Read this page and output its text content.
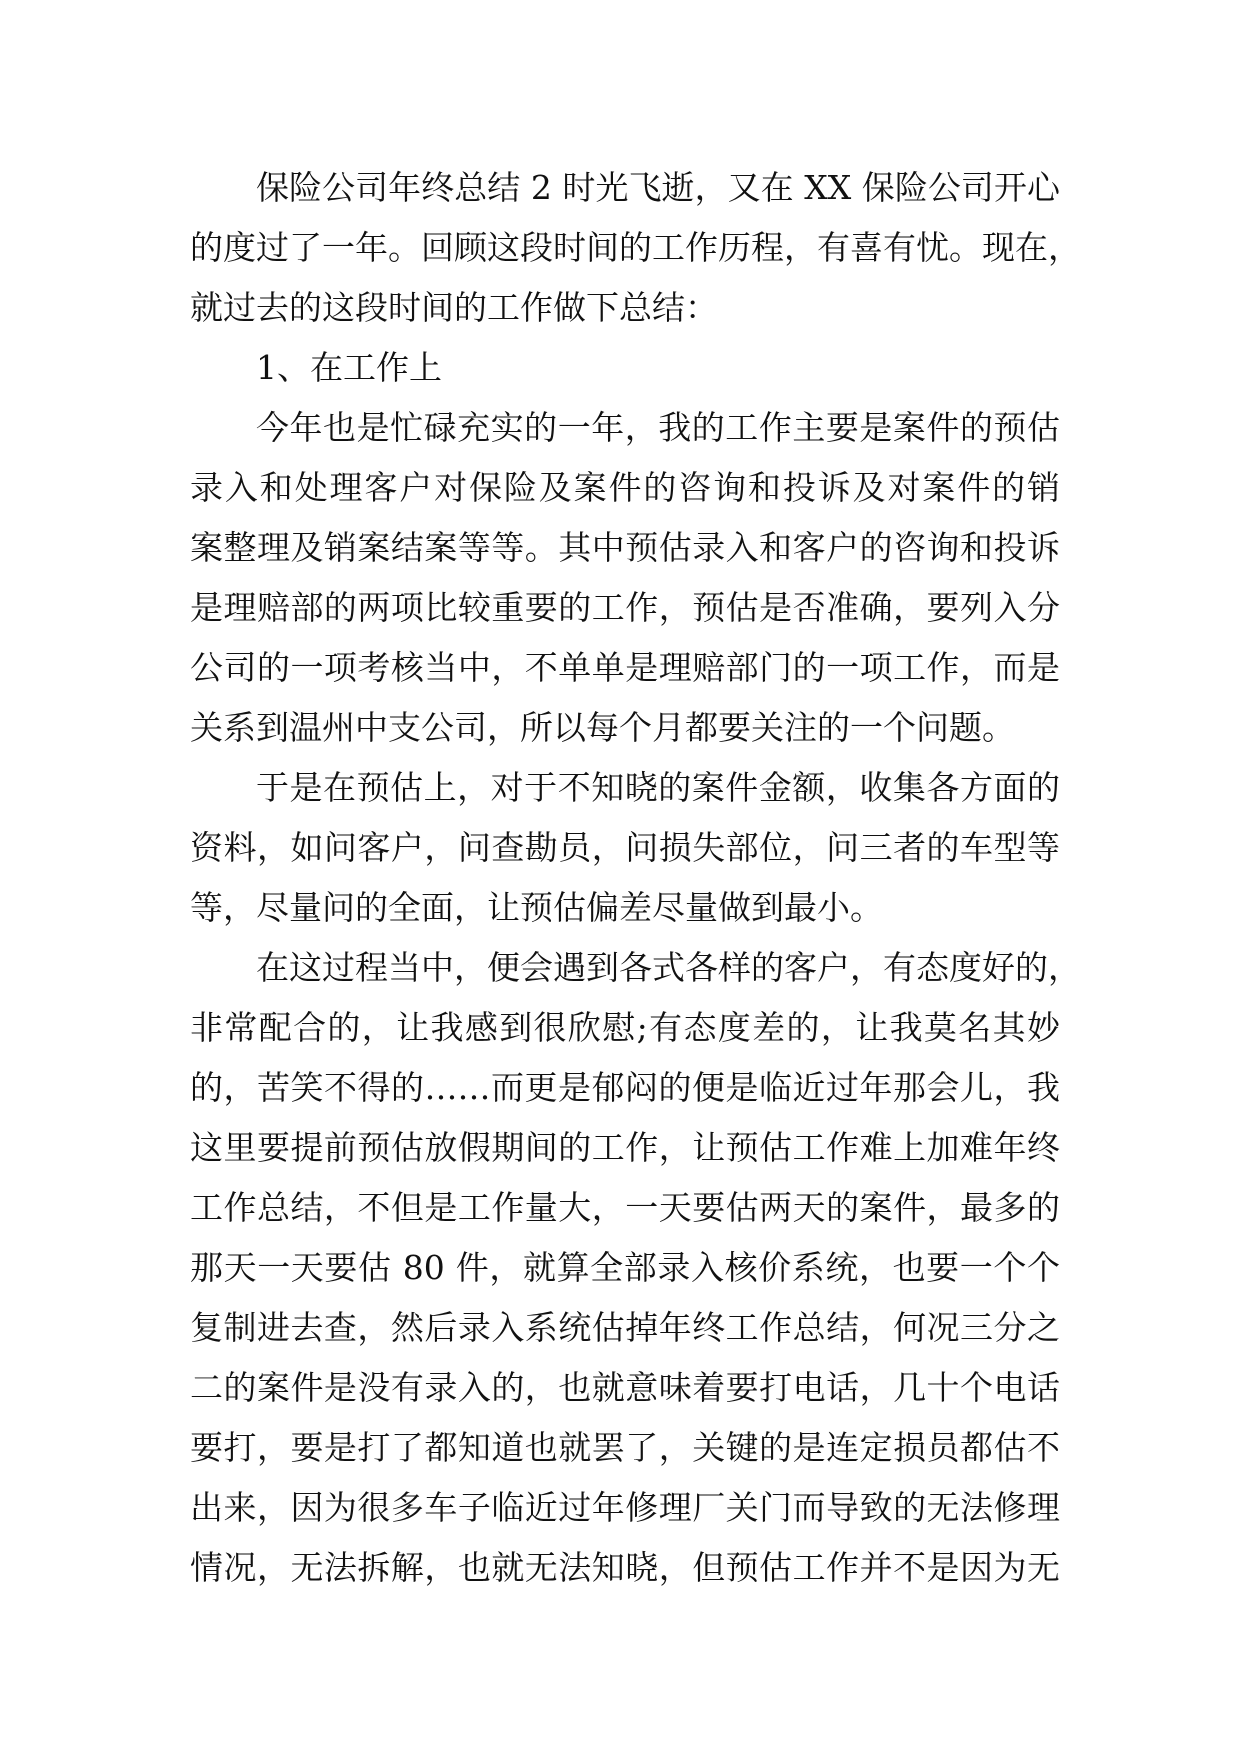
保险公司年终总结 2 时光飞逝，又在 XX 保险公司开心
的度过了一年。回顾这段时间的工作历程，有喜有忧。现在，
就过去的这段时间的工作做下总结：
1、在工作上
今年也是忙碌充实的一年，我的工作主要是案件的预估
录入和处理客户对保险及案件的咨询和投诉及对案件的销
案整理及销案结案等等。其中预估录入和客户的咨询和投诉
是理赔部的两项比较重要的工作，预估是否准确，要列入分
公司的一项考核当中，不单单是理赔部门的一项工作，而是
关系到温州中支公司，所以每个月都要关注的一个问题。
于是在预估上，对于不知晓的案件金额，收集各方面的
资料，如问客户，问查勘员，问损失部位，问三者的车型等
等，尽量问的全面，让预估偏差尽量做到最小。
在这过程当中，便会遇到各式各样的客户，有态度好的，
非常配合的，让我感到很欣慰;有态度差的，让我莫名其妙
的，苦笑不得的……而更是郁闷的便是临近过年那会儿，我
这里要提前预估放假期间的工作，让预估工作难上加难年终
工作总结，不但是工作量大，一天要估两天的案件，最多的
那天一天要估 80 件，就算全部录入核价系统，也要一个个
复制进去查，然后录入系统估掉年终工作总结，何况三分之
二的案件是没有录入的，也就意味着要打电话，几十个电话
要打，要是打了都知道也就罢了，关键的是连定损员都估不
出来，因为很多车子临近过年修理厂关门而导致的无法修理
情况，无法拆解，也就无法知晓，但预估工作并不是因为无
